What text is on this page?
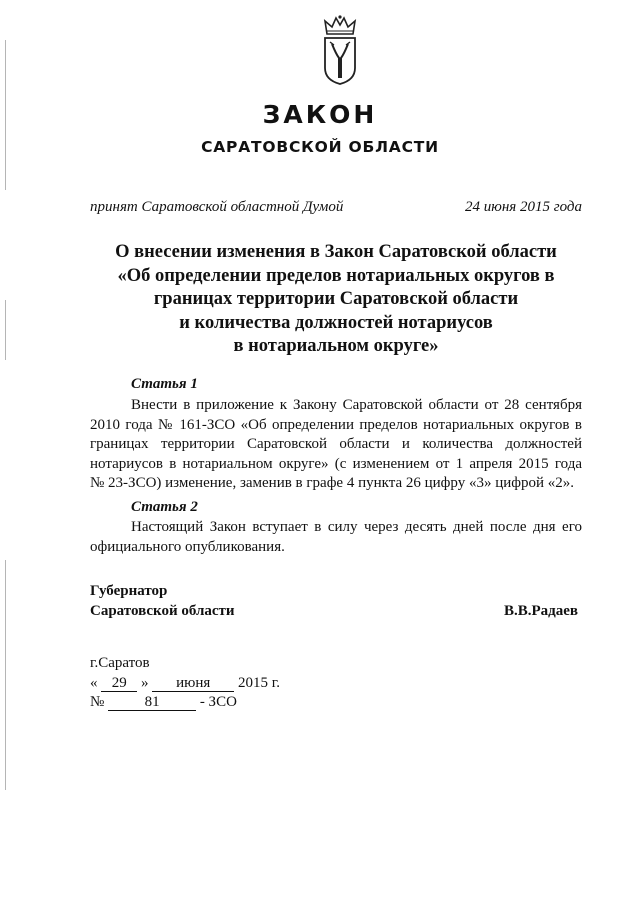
ЗАКОН
САРАТОВСКОЙ ОБЛАСТИ
принят Саратовской областной Думой	24 июня 2015 года
О внесении изменения в Закон Саратовской области
«Об определении пределов нотариальных округов в
границах территории Саратовской области
и количества должностей нотариусов
в нотариальном округе»
Статья 1
Внести в приложение к Закону Саратовской области от 28 сентября
2010 года № 161-ЗСО «Об определении пределов нотариальных округов в
границах территории Саратовской области и количества должностей
нотариусов в нотариальном округе» (с изменением от 1 апреля 2015 года
№ 23-ЗСО) изменение, заменив в графе 4 пункта 26 цифру «3» цифрой «2».
Статья 2
Настоящий Закон вступает в силу через десять дней после дня его
официального опубликования.
Губернатор
Саратовской области	В.В.Радаев
г.Саратов
« 29 » июня 2015 г.
№	81	- ЗСО
